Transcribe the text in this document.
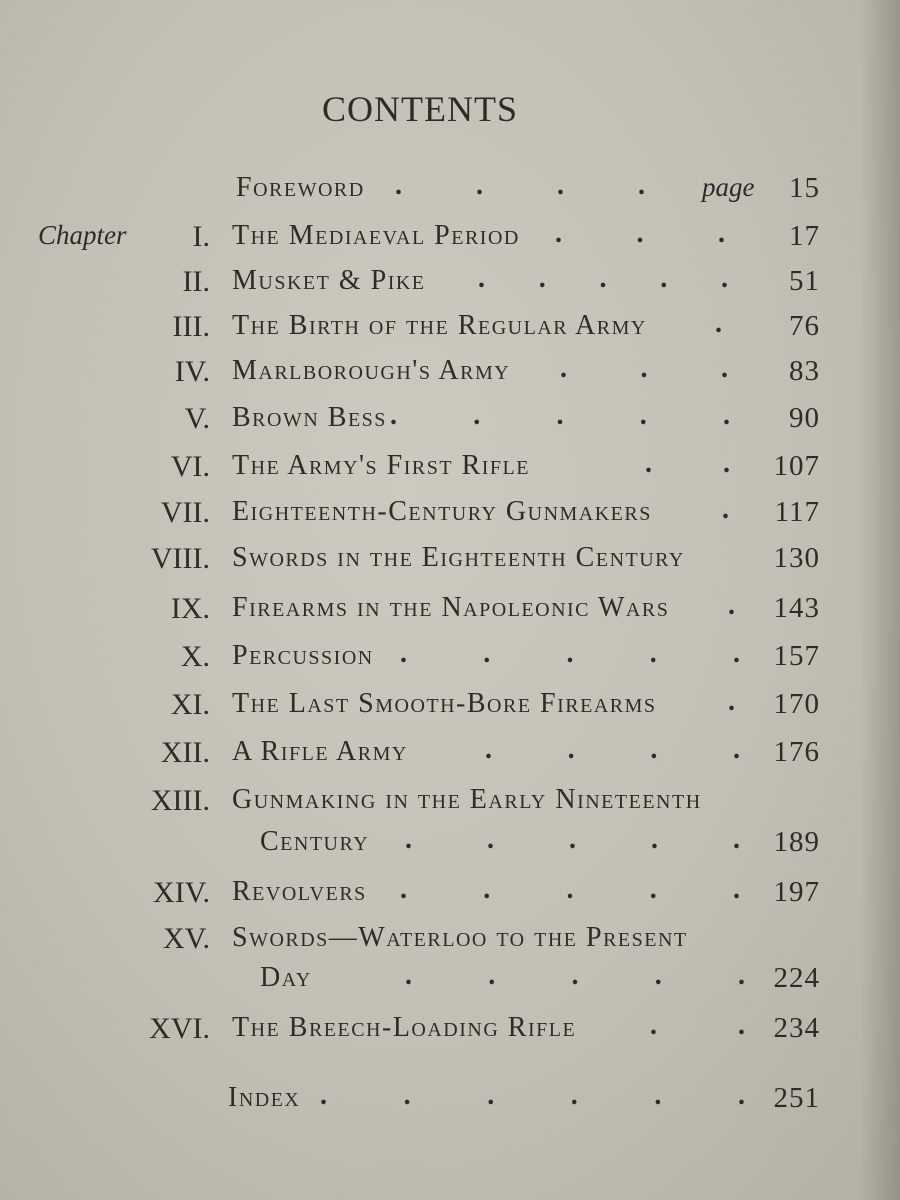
CONTENTS
Foreword .	.	.	. page 15
Chapter I. The Mediaeval Period .	.	. 17
II. Musket & Pike . . . . . 51
III. The Birth of the Regular Army . 76
IV. Marlborough's Army .	.	. 83
V. Brown Bess .	.	.	.	. 90
VI. The Army's First Rifle	.	. 107
VII. Eighteenth-Century Gunmakers	. 117
VIII. Swords in the Eighteenth Century	130
IX. Firearms in the Napoleonic Wars . 143
X. Percussion .	.	.	.	. 157
XI. The Last Smooth-Bore Firearms	. 170
XII. A Rifle Army	.	.	.	. 176
XIII. Gunmaking in the Early Nineteenth
Century .	.	.	.	. 189
XIV. Revolvers .	.	.	.	. 197
XV. Swords—Waterloo to the Present
Day	.	.	.	.	. 224
XVI. The Breech-Loading Rifle	.	. 234
Index .	.	.	.	.	. 251
